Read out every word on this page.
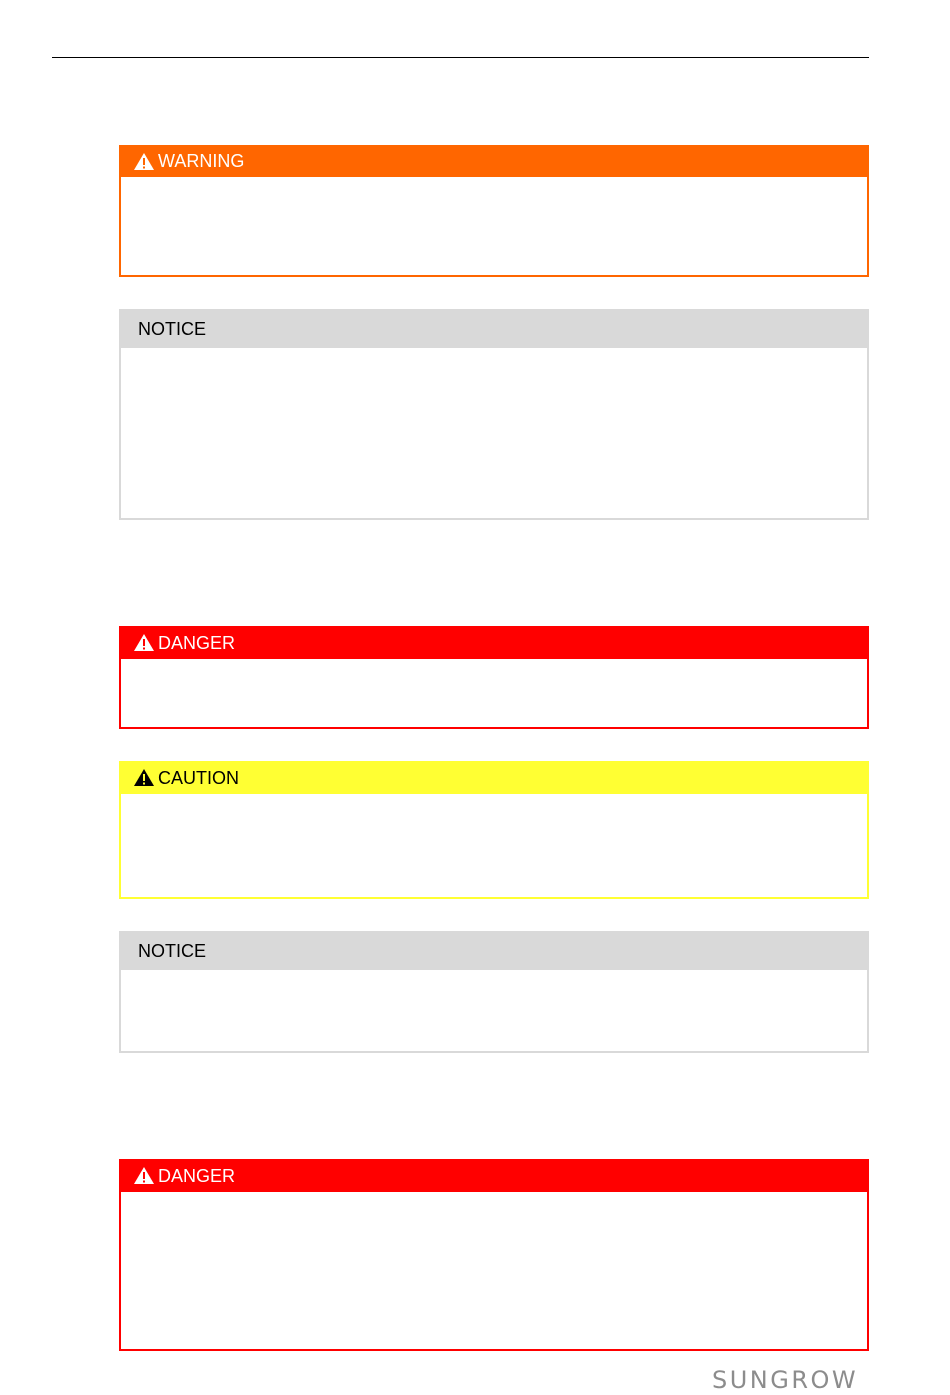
WARNING
NOTICE
DANGER
CAUTION
NOTICE
DANGER
SUNGROW
